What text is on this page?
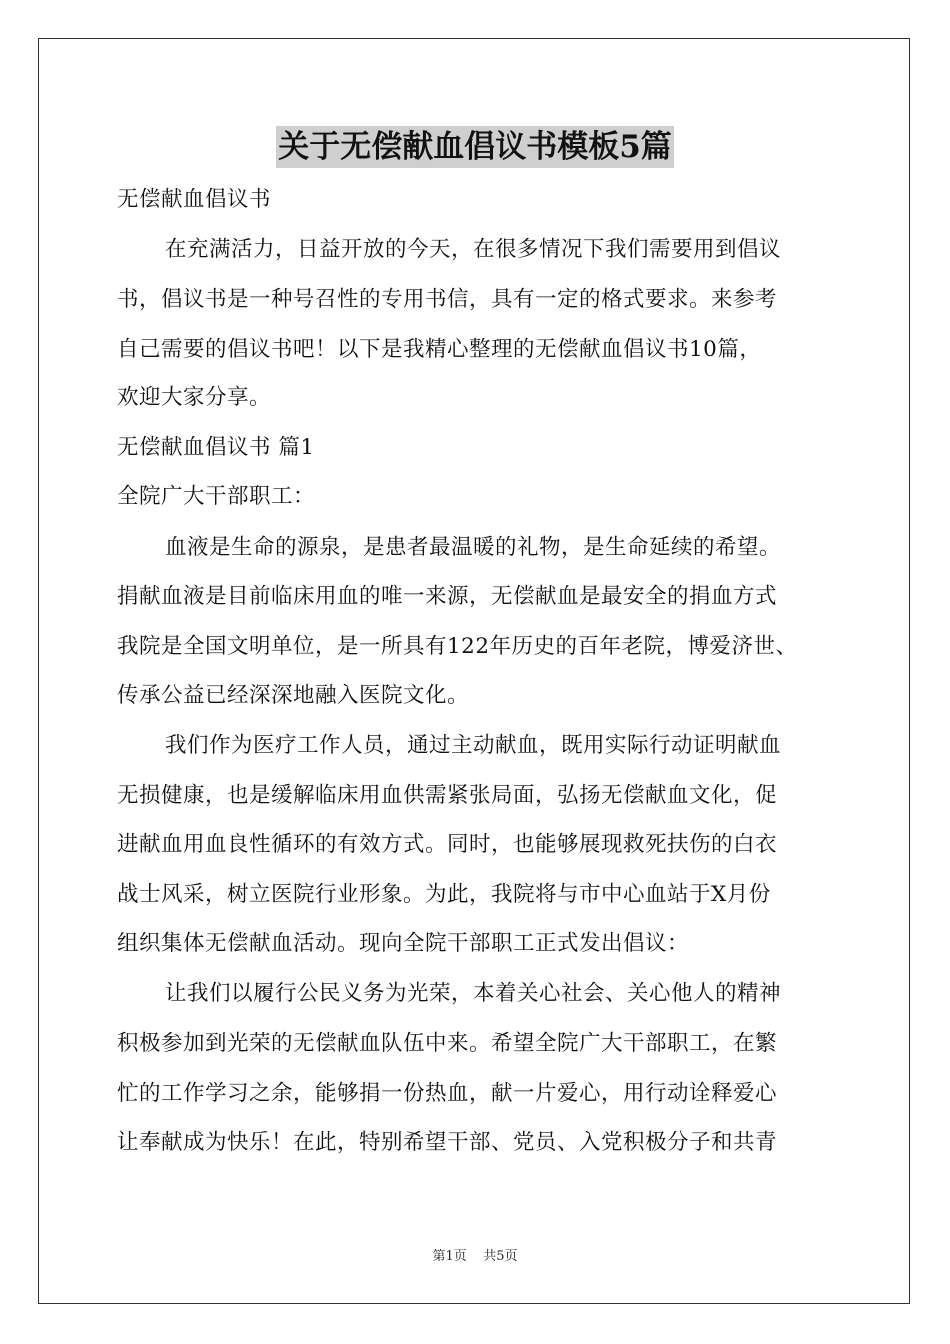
关于无偿献血倡议书模板5篇
无偿献血倡议书
在充满活力，日益开放的今天，在很多情况下我们需要用到倡议
书，倡议书是一种号召性的专用书信，具有一定的格式要求。来参考
自己需要的倡议书吧！以下是我精心整理的无偿献血倡议书10篇，
欢迎大家分享。
无偿献血倡议书 篇1
全院广大干部职工：
血液是生命的源泉，是患者最温暖的礼物，是生命延续的希望。
捐献血液是目前临床用血的唯一来源，无偿献血是最安全的捐血方式
我院是全国文明单位，是一所具有122年历史的百年老院，博爱济世、
传承公益已经深深地融入医院文化。
我们作为医疗工作人员，通过主动献血，既用实际行动证明献血
无损健康，也是缓解临床用血供需紧张局面，弘扬无偿献血文化，促
进献血用血良性循环的有效方式。同时，也能够展现救死扶伤的白衣
战士风采，树立医院行业形象。为此，我院将与市中心血站于X月份
组织集体无偿献血活动。现向全院干部职工正式发出倡议：
让我们以履行公民义务为光荣，本着关心社会、关心他人的精神
积极参加到光荣的无偿献血队伍中来。希望全院广大干部职工，在繁
忙的工作学习之余，能够捐一份热血，献一片爱心，用行动诠释爱心
让奉献成为快乐！在此，特别希望干部、党员、入党积极分子和共青
第1页    共5页
